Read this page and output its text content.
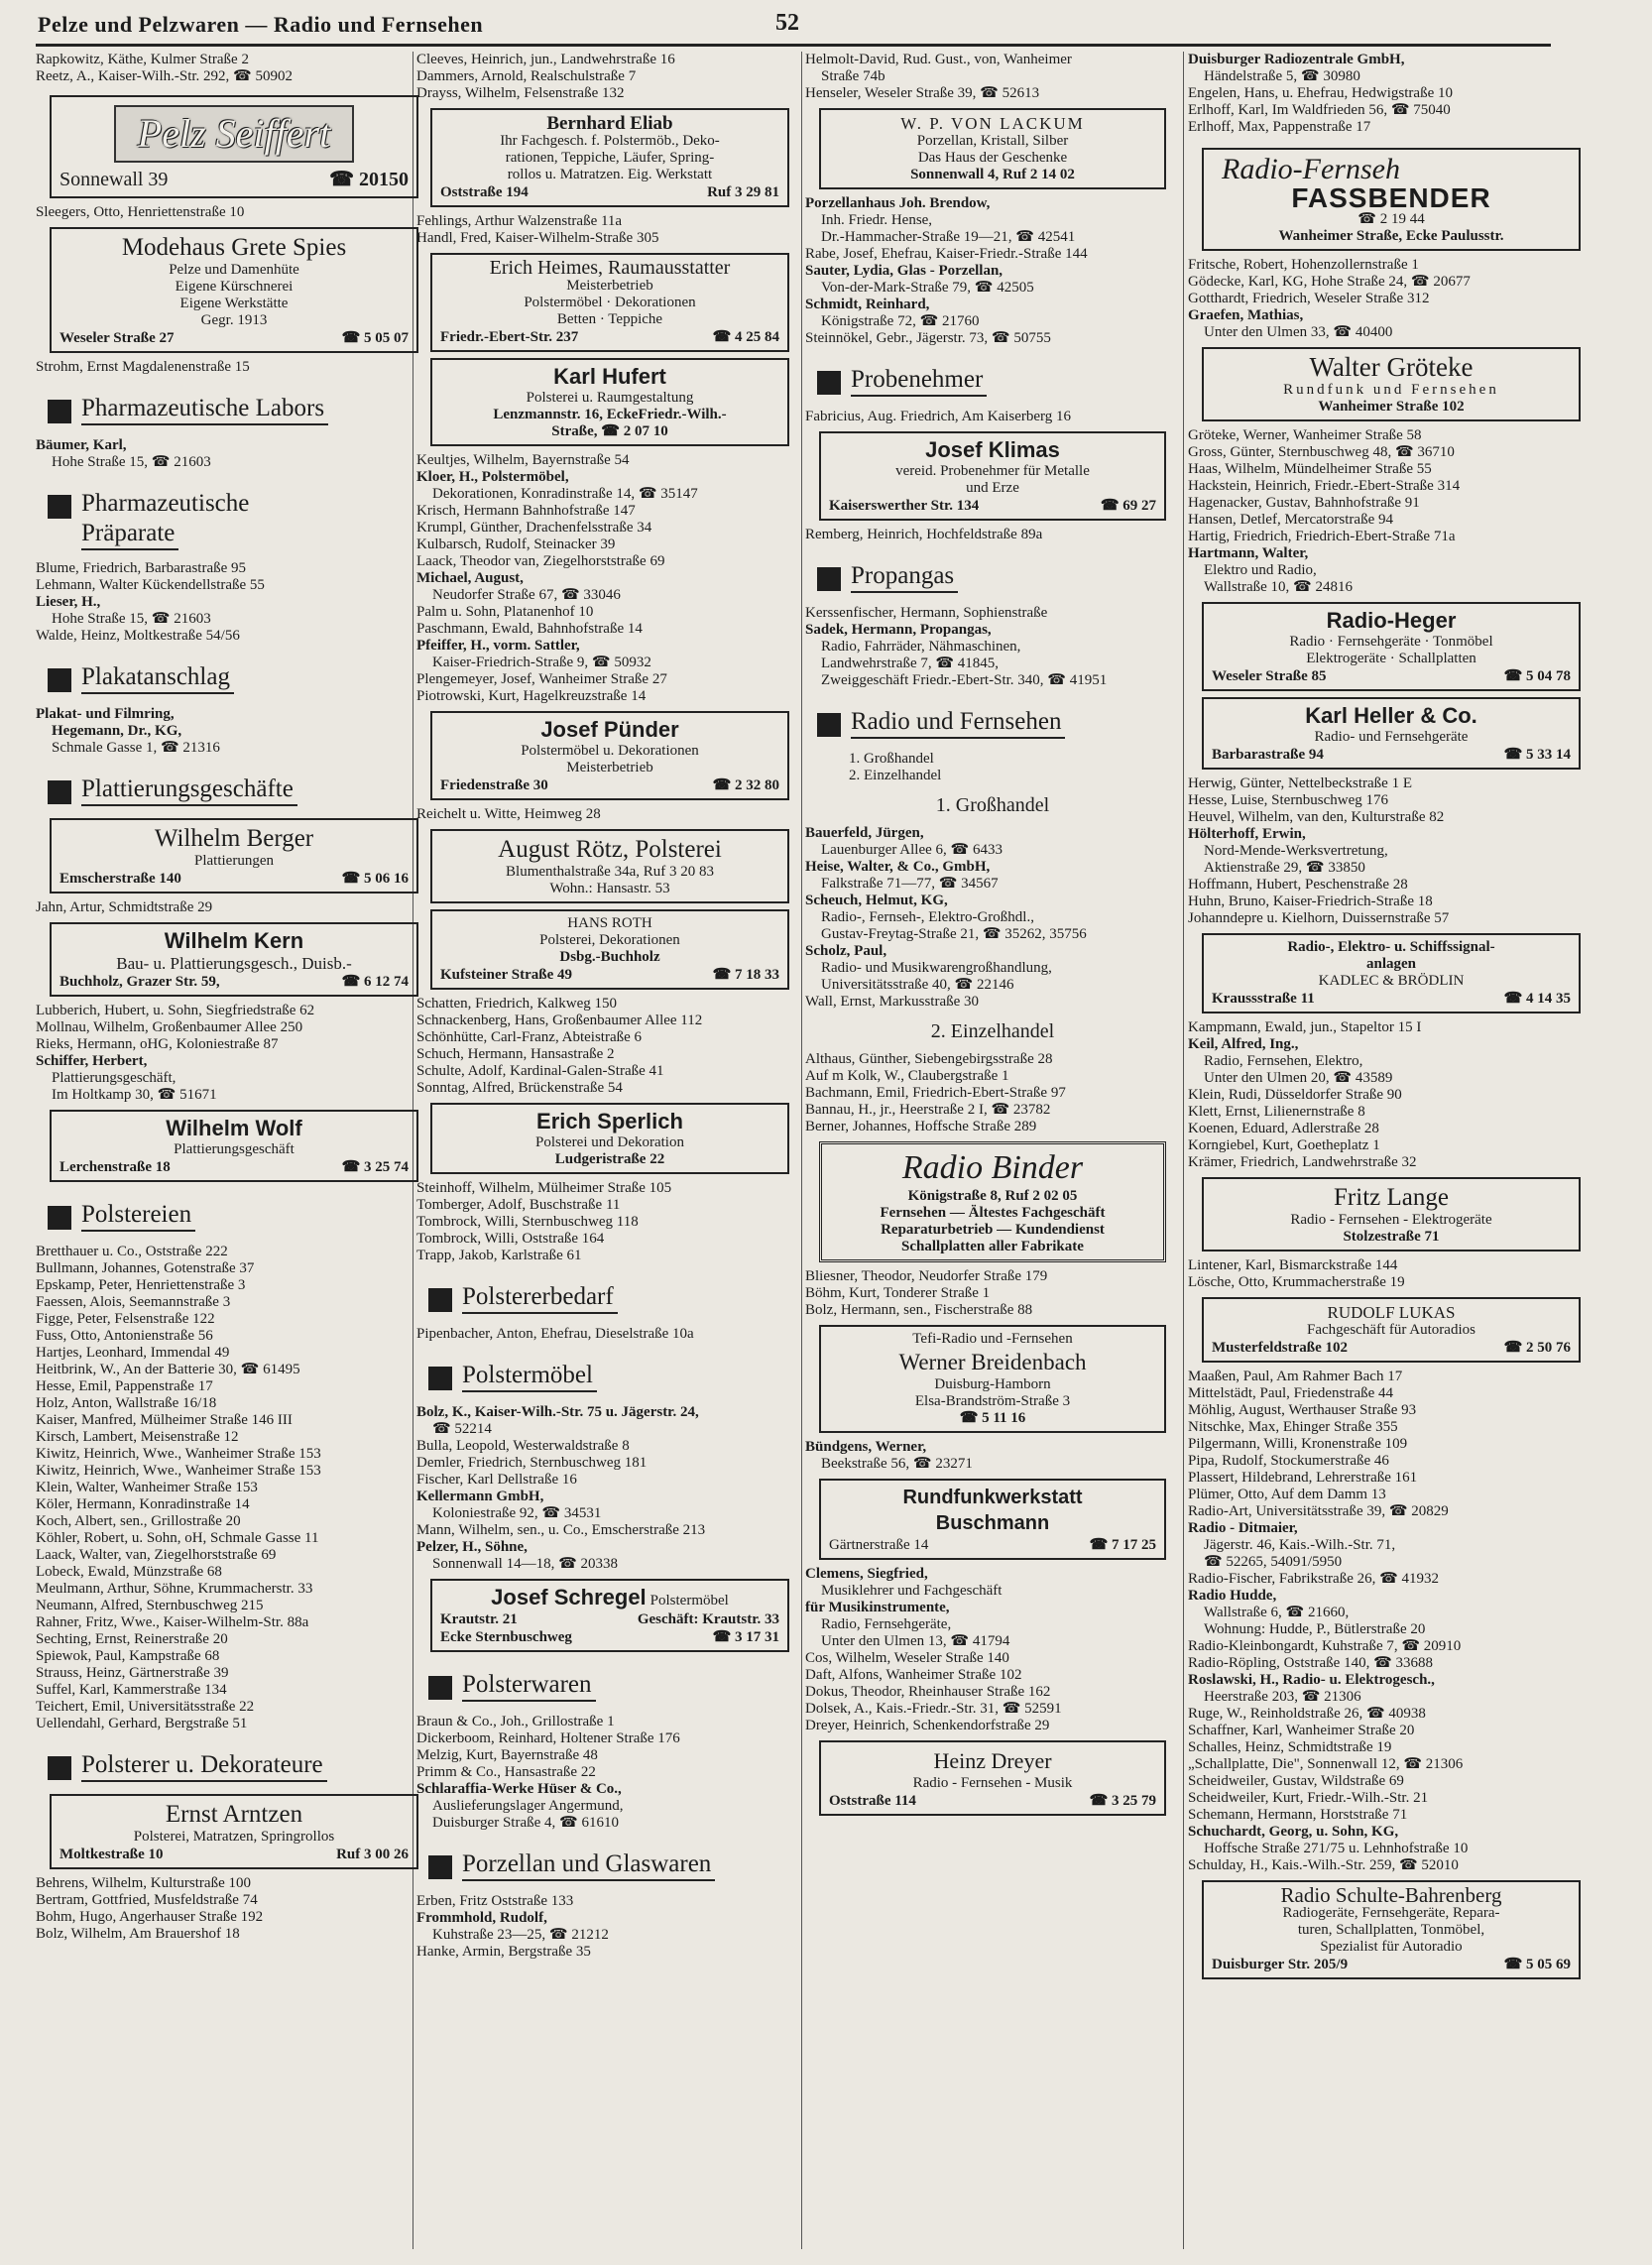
Pelze und Pelzwaren — Radio und Fernsehen	52
Rapkowitz, Käthe, Kulmer Straße 2
Reetz, A., Kaiser-Wilh.-Str. 292, ☎ 50902
Pelz Seiffert
Sonnewall 39	☎ 20150
Sleegers, Otto, Henriettenstraße 10
Modehaus Grete Spies
Pelze und Damenhüte
Eigene Kürschnerei
Eigene Werkstätte
Gegr. 1913
Weseler Straße 27	☎ 5 05 07
Strohm, Ernst Magdalenenstraße 15
Pharmazeutische Labors
Bäumer, Karl,
Hohe Straße 15, ☎ 21603
Pharmazeutische
Präparate
Blume, Friedrich, Barbarastraße 95
Lehmann, Walter Kückendellstraße 55
Lieser, H.,
Hohe Straße 15, ☎ 21603
Walde, Heinz, Moltkestraße 54/56
Plakatanschlag
Plakat- und Filmring,
Hegemann, Dr., KG,
Schmale Gasse 1, ☎ 21316
Plattierungsgeschäfte
Wilhelm Berger
Plattierungen
Emscherstraße 140	☎ 5 06 16
Jahn, Artur, Schmidtstraße 29
Wilhelm Kern
Bau- u. Plattierungsgesch., Duisb.-
Buchholz, Grazer Str. 59,	☎ 6 12 74
Lubberich, Hubert, u. Sohn, Siegfriedstraße 62
Mollnau, Wilhelm, Großenbaumer Allee 250
Rieks, Hermann, oHG, Koloniestraße 87
Schiffer, Herbert,
Plattierungsgeschäft,
Im Holtkamp 30, ☎ 51671
Wilhelm Wolf
Plattierungsgeschäft
Lerchenstraße 18	☎ 3 25 74
Polstereien
Bretthauer u. Co., Oststraße 222
Bullmann, Johannes, Gotenstraße 37
Epskamp, Peter, Henriettenstraße 3
Faessen, Alois, Seemannstraße 3
Figge, Peter, Felsenstraße 122
Fuss, Otto, Antonienstraße 56
Hartjes, Leonhard, Immendal 49
Heitbrink, W., An der Batterie 30, ☎ 61495
Hesse, Emil, Pappenstraße 17
Holz, Anton, Wallstraße 16/18
Kaiser, Manfred, Mülheimer Straße 146 III
Kirsch, Lambert, Meisenstraße 12
Kiwitz, Heinrich, Wwe., Wanheimer Straße 153
Kiwitz, Heinrich, Wwe., Wanheimer Straße 153
Klein, Walter, Wanheimer Straße 153
Köler, Hermann, Konradinstraße 14
Koch, Albert, sen., Grillostraße 20
Köhler, Robert, u. Sohn, oH, Schmale Gasse 11
Laack, Walter, van, Ziegelhorststraße 69
Lobeck, Ewald, Münzstraße 68
Meulmann, Arthur, Söhne, Krummacherstr. 33
Neumann, Alfred, Sternbuschweg 215
Rahner, Fritz, Wwe., Kaiser-Wilhelm-Str. 88a
Sechting, Ernst, Reinerstraße 20
Spiewok, Paul, Kampstraße 68
Strauss, Heinz, Gärtnerstraße 39
Suffel, Karl, Kammerstraße 134
Teichert, Emil, Universitätsstraße 22
Uellendahl, Gerhard, Bergstraße 51
Polsterer u. Dekorateure
Ernst Arntzen
Polsterei, Matratzen, Springrollos
Moltkestraße 10	Ruf 3 00 26
Behrens, Wilhelm, Kulturstraße 100
Bertram, Gottfried, Musfeldstraße 74
Bohm, Hugo, Angerhauser Straße 192
Bolz, Wilhelm, Am Brauershof 18
Cleeves, Heinrich, jun., Landwehrstraße 16
Dammers, Arnold, Realschulstraße 7
Drayss, Wilhelm, Felsenstraße 132
Bernhard Eliab
Ihr Fachgesch. f. Polstermöb., Deko-
rationen, Teppiche, Läufer, Spring-
rollos u. Matratzen. Eig. Werkstatt
Oststraße 194	Ruf 3 29 81
Fehlings, Arthur Walzenstraße 11a
Handl, Fred, Kaiser-Wilhelm-Straße 305
Erich Heimes, Raumausstatter
Meisterbetrieb
Polstermöbel · Dekorationen
Betten · Teppiche
Friedr.-Ebert-Str. 237	☎ 4 25 84
Karl Hufert
Polsterei u. Raumgestaltung
Lenzmannstr. 16, EckeFriedr.-Wilh.-
Straße, ☎ 2 07 10
Keultjes, Wilhelm, Bayernstraße 54
Kloer, H., Polstermöbel,
Dekorationen, Konradinstraße 14, ☎ 35147
Krisch, Hermann Bahnhofstraße 147
Krumpl, Günther, Drachenfelsstraße 34
Kulbarsch, Rudolf, Steinacker 39
Laack, Theodor van, Ziegelhorststraße 69
Michael, August,
Neudorfer Straße 67, ☎ 33046
Palm u. Sohn, Platanenhof 10
Paschmann, Ewald, Bahnhofstraße 14
Pfeiffer, H., vorm. Sattler,
Kaiser-Friedrich-Straße 9, ☎ 50932
Plengemeyer, Josef, Wanheimer Straße 27
Piotrowski, Kurt, Hagelkreuzstraße 14
Josef Pünder
Polstermöbel u. Dekorationen
Meisterbetrieb
Friedenstraße 30	☎ 2 32 80
Reichelt u. Witte, Heimweg 28
August Rötz, Polsterei
Blumenthalstraße 34a, Ruf 3 20 83
Wohn.: Hansastr. 53
HANS ROTH
Polsterei, Dekorationen
Dsbg.-Buchholz
Kufsteiner Straße 49	☎ 7 18 33
Schatten, Friedrich, Kalkweg 150
Schnackenberg, Hans, Großenbaumer Allee 112
Schönhütte, Carl-Franz, Abteistraße 6
Schuch, Hermann, Hansastraße 2
Schulte, Adolf, Kardinal-Galen-Straße 41
Sonntag, Alfred, Brückenstraße 54
Erich Sperlich
Polsterei und Dekoration
Ludgeristraße 22
Steinhoff, Wilhelm, Mülheimer Straße 105
Tomberger, Adolf, Buschstraße 11
Tombrock, Willi, Sternbuschweg 118
Tombrock, Willi, Oststraße 164
Trapp, Jakob, Karlstraße 61
Polstererbedarf
Pipenbacher, Anton, Ehefrau, Dieselstraße 10a
Polstermöbel
Bolz, K., Kaiser-Wilh.-Str. 75 u. Jägerstr. 24,
☎ 52214
Bulla, Leopold, Westerwaldstraße 8
Demler, Friedrich, Sternbuschweg 181
Fischer, Karl Dellstraße 16
Kellermann GmbH,
Koloniestraße 92, ☎ 34531
Mann, Wilhelm, sen., u. Co., Emscherstraße 213
Pelzer, H., Söhne,
Sonnenwall 14—18, ☎ 20338
Josef Schregel Polstermöbel
Krautstr. 21	Geschäft: Krautstr. 33
Ecke Sternbuschweg	☎ 3 17 31
Polsterwaren
Braun & Co., Joh., Grillostraße 1
Dickerboom, Reinhard, Holtener Straße 176
Melzig, Kurt, Bayernstraße 48
Primm & Co., Hansastraße 22
Schlaraffia-Werke Hüser & Co.,
Auslieferungslager Angermund,
Duisburger Straße 4, ☎ 61610
Porzellan und Glaswaren
Erben, Fritz Oststraße 133
Frommhold, Rudolf,
Kuhstraße 23—25, ☎ 21212
Hanke, Armin, Bergstraße 35
Helmolt-David, Rud. Gust., von, Wanheimer
Straße 74b
Henseler, Weseler Straße 39, ☎ 52613
W. P. VON LACKUM
Porzellan, Kristall, Silber
Das Haus der Geschenke
Sonnenwall 4, Ruf 2 14 02
Porzellanhaus Joh. Brendow,
Inh. Friedr. Hense,
Dr.-Hammacher-Straße 19—21, ☎ 42541
Rabe, Josef, Ehefrau, Kaiser-Friedr.-Straße 144
Sauter, Lydia, Glas - Porzellan,
Von-der-Mark-Straße 79, ☎ 42505
Schmidt, Reinhard,
Königstraße 72, ☎ 21760
Steinnökel, Gebr., Jägerstr. 73, ☎ 50755
Probenehmer
Fabricius, Aug. Friedrich, Am Kaiserberg 16
Josef Klimas
vereid. Probenehmer für Metalle
und Erze
Kaiserswerther Str. 134	☎ 69 27
Remberg, Heinrich, Hochfeldstraße 89a
Propangas
Kerssenfischer, Hermann, Sophienstraße
Sadek, Hermann, Propangas,
Radio, Fahrräder, Nähmaschinen,
Landwehrstraße 7, ☎ 41845,
Zweiggeschäft Friedr.-Ebert-Str. 340, ☎ 41951
Radio und Fernsehen
1. Großhandel
2. Einzelhandel
1. Großhandel
Bauerfeld, Jürgen,
Lauenburger Allee 6, ☎ 6433
Heise, Walter, & Co., GmbH,
Falkstraße 71—77, ☎ 34567
Scheuch, Helmut, KG,
Radio-, Fernseh-, Elektro-Großhdl.,
Gustav-Freytag-Straße 21, ☎ 35262, 35756
Scholz, Paul,
Radio- und Musikwarengroßhandlung,
Universitätsstraße 40, ☎ 22146
Wall, Ernst, Markusstraße 30
2. Einzelhandel
Althaus, Günther, Siebengebirgsstraße 28
Auf m Kolk, W., Claubergstraße 1
Bachmann, Emil, Friedrich-Ebert-Straße 97
Bannau, H., jr., Heerstraße 2 I, ☎ 23782
Berner, Johannes, Hoffsche Straße 289
Radio Binder
Königstraße 8, Ruf 2 02 05
Fernsehen — Ältestes Fachgeschäft
Reparaturbetrieb — Kundendienst
Schallplatten aller Fabrikate
Bliesner, Theodor, Neudorfer Straße 179
Böhm, Kurt, Tonderer Straße 1
Bolz, Hermann, sen., Fischerstraße 88
Tefi-Radio und -Fernsehen
Werner Breidenbach
Duisburg-Hamborn
Elsa-Brandström-Straße 3
☎ 5 11 16
Bündgens, Werner,
Beekstraße 56, ☎ 23271
Rundfunkwerkstatt
Buschmann
Gärtnerstraße 14	☎ 7 17 25
Clemens, Siegfried,
Musiklehrer und Fachgeschäft
für Musikinstrumente,
Radio, Fernsehgeräte,
Unter den Ulmen 13, ☎ 41794
Cos, Wilhelm, Weseler Straße 140
Daft, Alfons, Wanheimer Straße 102
Dokus, Theodor, Rheinhauser Straße 162
Dolsek, A., Kais.-Friedr.-Str. 31, ☎ 52591
Dreyer, Heinrich, Schenkendorfstraße 29
Heinz Dreyer
Radio - Fernsehen - Musik
Oststraße 114	☎ 3 25 79
Duisburger Radiozentrale GmbH,
Händelstraße 5, ☎ 30980
Engelen, Hans, u. Ehefrau, Hedwigstraße 10
Erlhoff, Karl, Im Waldfrieden 56, ☎ 75040
Erlhoff, Max, Pappenstraße 17
Radio-Fernseh
FASSBENDER
☎ 2 19 44
Wanheimer Straße, Ecke Paulusstr.
Fritsche, Robert, Hohenzollernstraße 1
Gödecke, Karl, KG, Hohe Straße 24, ☎ 20677
Gotthardt, Friedrich, Weseler Straße 312
Graefen, Mathias,
Unter den Ulmen 33, ☎ 40400
Walter Gröteke
Rundfunk und Fernsehen
Wanheimer Straße 102
Gröteke, Werner, Wanheimer Straße 58
Gross, Günter, Sternbuschweg 48, ☎ 36710
Haas, Wilhelm, Mündelheimer Straße 55
Hackstein, Heinrich, Friedr.-Ebert-Straße 314
Hagenacker, Gustav, Bahnhofstraße 91
Hansen, Detlef, Mercatorstraße 94
Hartig, Friedrich, Friedrich-Ebert-Straße 71a
Hartmann, Walter,
Elektro und Radio,
Wallstraße 10, ☎ 24816
Radio-Heger
Radio · Fernsehgeräte · Tonmöbel
Elektrogeräte · Schallplatten
Weseler Straße 85	☎ 5 04 78
Karl Heller & Co.
Radio- und Fernsehgeräte
Barbarastraße 94	☎ 5 33 14
Herwig, Günter, Nettelbeckstraße 1 E
Hesse, Luise, Sternbuschweg 176
Heuvel, Wilhelm, van den, Kulturstraße 82
Hölterhoff, Erwin,
Nord-Mende-Werksvertretung,
Aktienstraße 29, ☎ 33850
Hoffmann, Hubert, Peschenstraße 28
Huhn, Bruno, Kaiser-Friedrich-Straße 18
Johanndepre u. Kielhorn, Duissernstraße 57
Radio-, Elektro- u. Schiffssignal-
anlagen
KADLEC & BRÖDLIN
Kraussstraße 11	☎ 4 14 35
Kampmann, Ewald, jun., Stapeltor 15 I
Keil, Alfred, Ing.,
Radio, Fernsehen, Elektro,
Unter den Ulmen 20, ☎ 43589
Klein, Rudi, Düsseldorfer Straße 90
Klett, Ernst, Lilienernstraße 8
Koenen, Eduard, Adlerstraße 28
Korngiebel, Kurt, Goetheplatz 1
Krämer, Friedrich, Landwehrstraße 32
Fritz Lange
Radio - Fernsehen - Elektrogeräte
Stolzestraße 71
Lintener, Karl, Bismarckstraße 144
Lösche, Otto, Krummacherstraße 19
RUDOLF LUKAS
Fachgeschäft für Autoradios
Musterfeldstraße 102	☎ 2 50 76
Maaßen, Paul, Am Rahmer Bach 17
Mittelstädt, Paul, Friedenstraße 44
Möhlig, August, Werthauser Straße 93
Nitschke, Max, Ehinger Straße 355
Pilgermann, Willi, Kronenstraße 109
Pipa, Rudolf, Stockumerstraße 46
Plassert, Hildebrand, Lehrerstraße 161
Plümer, Otto, Auf dem Damm 13
Radio-Art, Universitätsstraße 39, ☎ 20829
Radio - Ditmaier,
Jägerstr. 46, Kais.-Wilh.-Str. 71,
☎ 52265, 54091/5950
Radio-Fischer, Fabrikstraße 26, ☎ 41932
Radio Hudde,
Wallstraße 6, ☎ 21660,
Wohnung: Hudde, P., Bütlerstraße 20
Radio-Kleinbongardt, Kuhstraße 7, ☎ 20910
Radio-Röpling, Oststraße 140, ☎ 33688
Roslawski, H., Radio- u. Elektrogesch.,
Heerstraße 203, ☎ 21306
Ruge, W., Reinholdstraße 26, ☎ 40938
Schaffner, Karl, Wanheimer Straße 20
Schalles, Heinz, Schmidtstraße 19
„Schallplatte, Die", Sonnenwall 12, ☎ 21306
Scheidweiler, Gustav, Wildstraße 69
Scheidweiler, Kurt, Friedr.-Wilh.-Str. 21
Schemann, Hermann, Horststraße 71
Schuchardt, Georg, u. Sohn, KG,
Hoffsche Straße 271/75 u. Lehnhofstraße 10
Schulday, H., Kais.-Wilh.-Str. 259, ☎ 52010
Radio Schulte-Bahrenberg
Radiogeräte, Fernsehgeräte, Repara-
turen, Schallplatten, Tonmöbel,
Spezialist für Autoradio
Duisburger Str. 205/9	☎ 5 05 69
